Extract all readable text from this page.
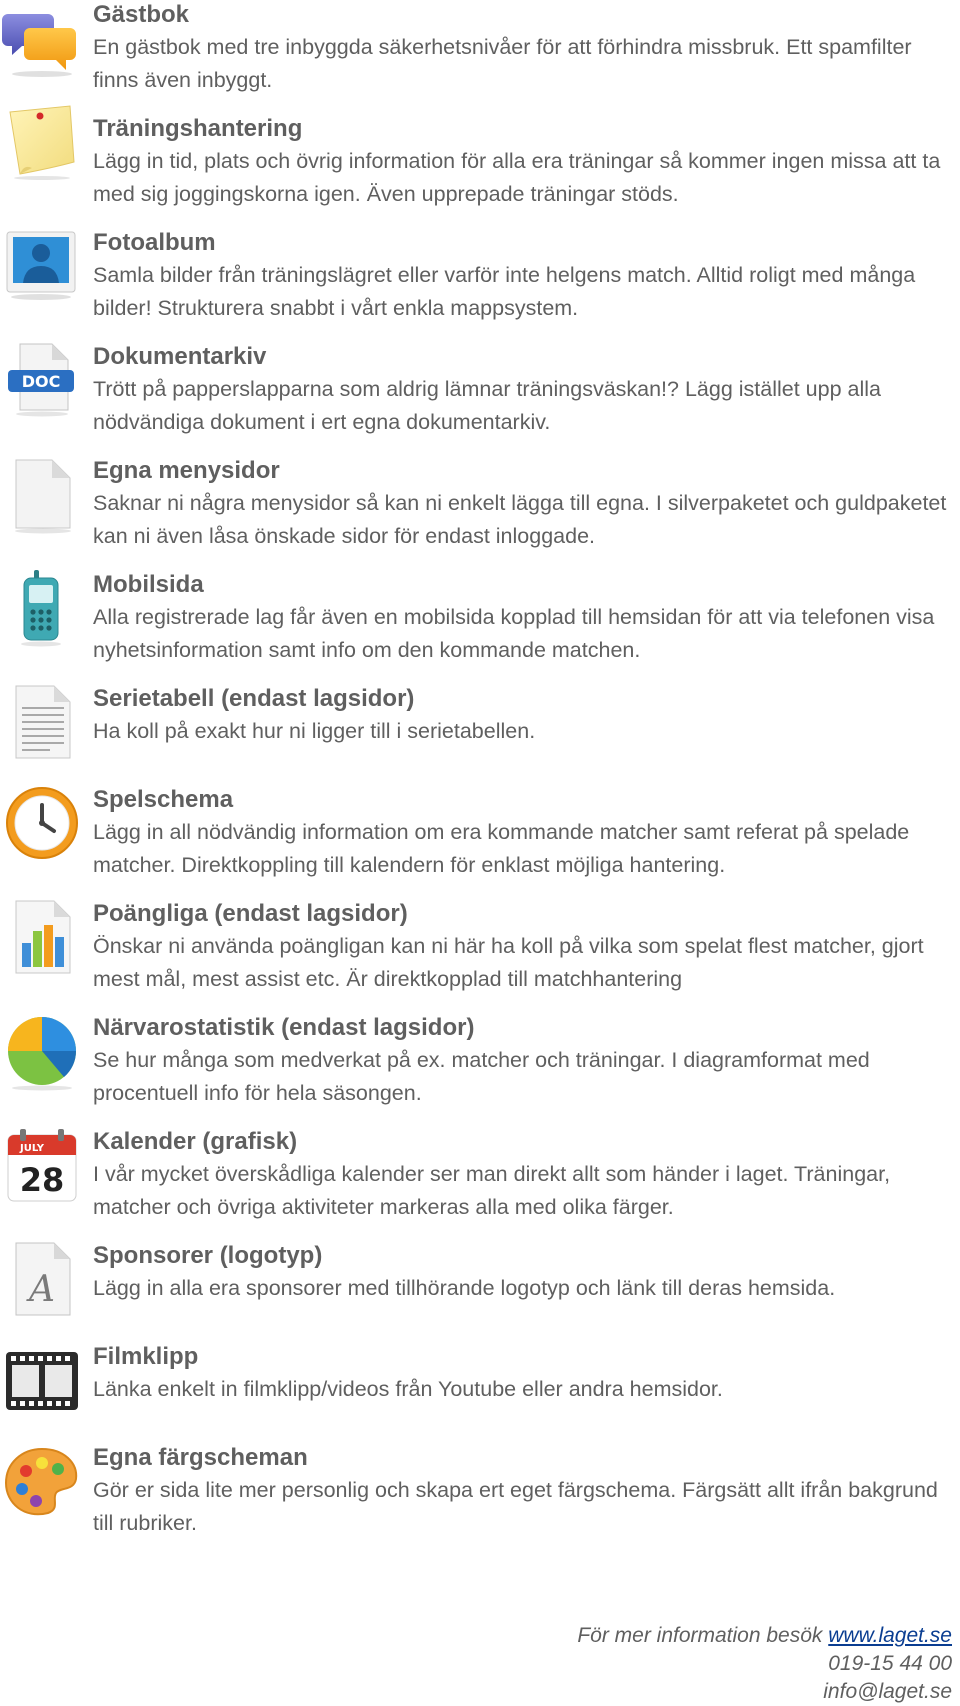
Gästbok
En gästbok med tre inbyggda säkerhetsnivåer för att förhindra missbruk. Ett spamfilter finns även inbyggt.
Träningshantering
Lägg in tid, plats och övrig information för alla era träningar så kommer ingen missa att ta med sig joggingskorna igen. Även upprepade träningar stöds.
Fotoalbum
Samla bilder från träningslägret eller varför inte helgens match. Alltid roligt med många bilder! Strukturera snabbt i vårt enkla mappsystem.
DOC
Dokumentarkiv
Trött på papperslapparna som aldrig lämnar träningsväskan!? Lägg istället upp alla nödvändiga dokument i ert egna dokumentarkiv.
Egna menysidor
Saknar ni några menysidor så kan ni enkelt lägga till egna. I silverpaketet och guldpaketet kan ni även låsa önskade sidor för endast inloggade.
Mobilsida
Alla registrerade lag får även en mobilsida kopplad till hemsidan för att via telefonen visa nyhetsinformation samt info om den kommande matchen.
Serietabell (endast lagsidor)
Ha koll på exakt hur ni ligger till i serietabellen.
Spelschema
Lägg in all nödvändig information om era kommande matcher samt referat på spelade matcher. Direktkoppling till kalendern för enklast möjliga hantering.
Poängliga (endast lagsidor)
Önskar ni använda poängligan kan ni här ha koll på vilka som spelat flest matcher, gjort mest mål, mest assist etc. Är direktkopplad till matchhantering
Närvarostatistik (endast lagsidor)
Se hur många som medverkat på ex. matcher och träningar. I diagramformat med procentuell info för hela säsongen.
JULY
28
Kalender (grafisk)
I vår mycket överskådliga kalender ser man direkt allt som händer i laget. Träningar, matcher och övriga aktiviteter markeras alla med olika färger.
A
Sponsorer (logotyp)
Lägg in alla era sponsorer med tillhörande logotyp och länk till deras hemsida.
Filmklipp
Länka enkelt in filmklipp/videos från Youtube eller andra hemsidor.
Egna färgscheman
Gör er sida lite mer personlig och skapa ert eget färgschema. Färgsätt allt ifrån bakgrund till rubriker.
För mer information besök www.laget.se
019-15 44 00
info@laget.se
